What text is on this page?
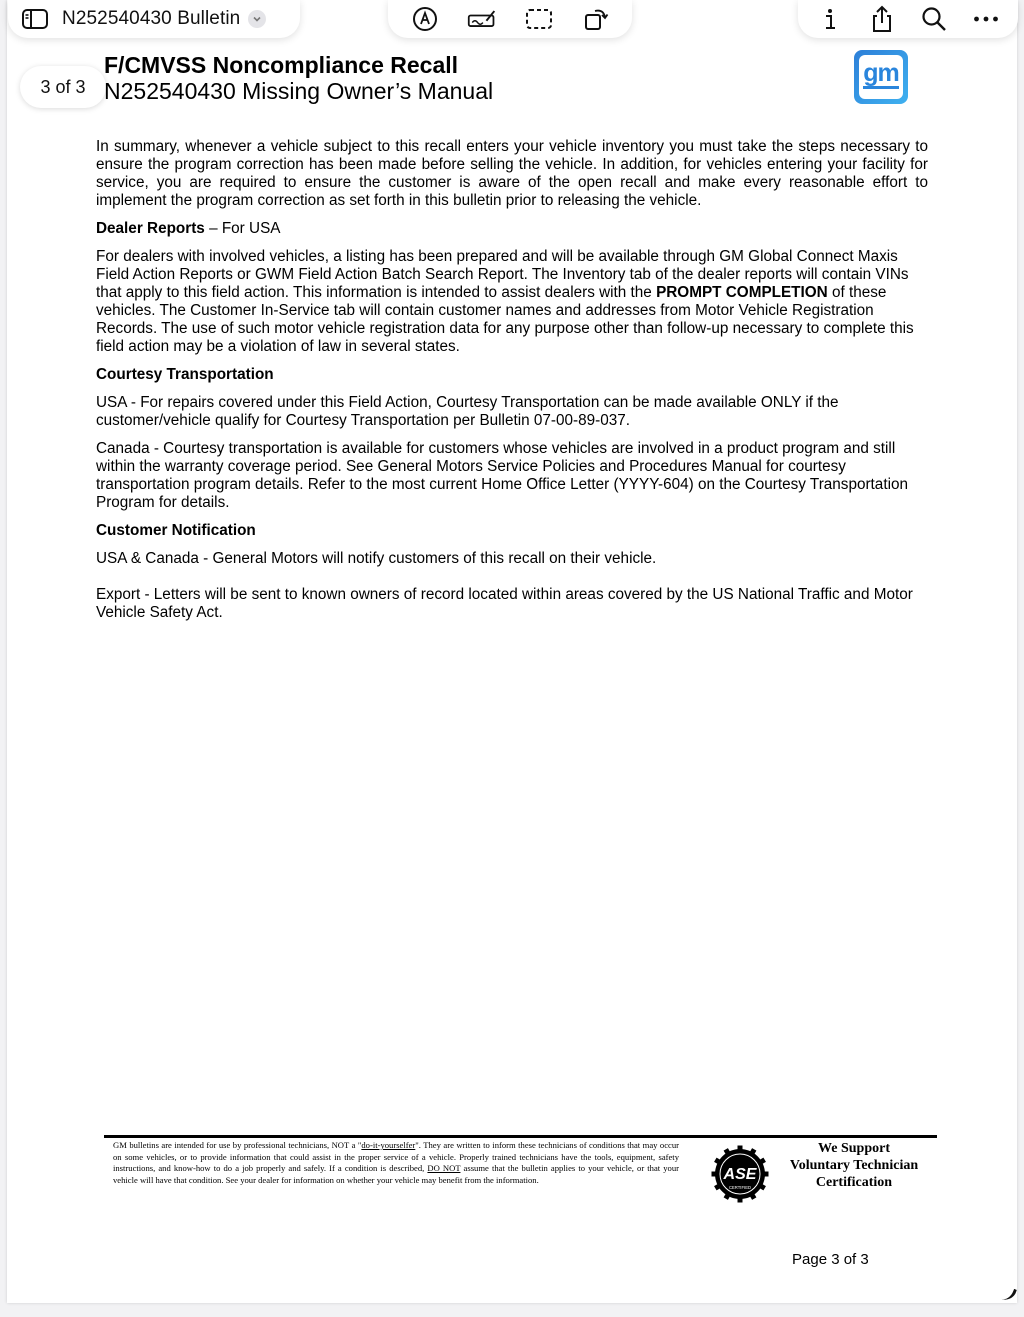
N252540430 Bulletin
3 of 3
F/CMVSS Noncompliance Recall
N252540430 Missing Owner’s Manual
gm

In summary, whenever a vehicle subject to this recall enters your vehicle inventory you must take the steps necessary to ensure the program correction has been made before selling the vehicle. In addition, for vehicles entering your facility for service, you are required to ensure the customer is aware of the open recall and make every reasonable effort to implement the program correction as set forth in this bulletin prior to releasing the vehicle.

Dealer Reports – For USA

For dealers with involved vehicles, a listing has been prepared and will be available through GM Global Connect Maxis Field Action Reports or GWM Field Action Batch Search Report. The Inventory tab of the dealer reports will contain VINs that apply to this field action. This information is intended to assist dealers with the PROMPT COMPLETION of these vehicles. The Customer In-Service tab will contain customer names and addresses from Motor Vehicle Registration Records. The use of such motor vehicle registration data for any purpose other than follow-up necessary to complete this field action may be a violation of law in several states.

Courtesy Transportation

USA - For repairs covered under this Field Action, Courtesy Transportation can be made available ONLY if the customer/vehicle qualify for Courtesy Transportation per Bulletin 07-00-89-037.

Canada - Courtesy transportation is available for customers whose vehicles are involved in a product program and still within the warranty coverage period. See General Motors Service Policies and Procedures Manual for courtesy transportation program details. Refer to the most current Home Office Letter (YYYY-604) on the Courtesy Transportation Program for details.

Customer Notification

USA & Canada - General Motors will notify customers of this recall on their vehicle.

Export - Letters will be sent to known owners of record located within areas covered by the US National Traffic and Motor Vehicle Safety Act.

GM bulletins are intended for use by professional technicians, NOT a "do-it-yourselfer". They are written to inform these technicians of conditions that may occur on some vehicles, or to provide information that could assist in the proper service of a vehicle. Properly trained technicians have the tools, equipment, safety instructions, and know-how to do a job properly and safely. If a condition is described, DO NOT assume that the bulletin applies to your vehicle, or that your vehicle will have that condition. See your dealer for information on whether your vehicle may benefit from the information.	ASE
CERTIFIED
We Support
Voluntary Technician
Certification
Page 3 of 3
